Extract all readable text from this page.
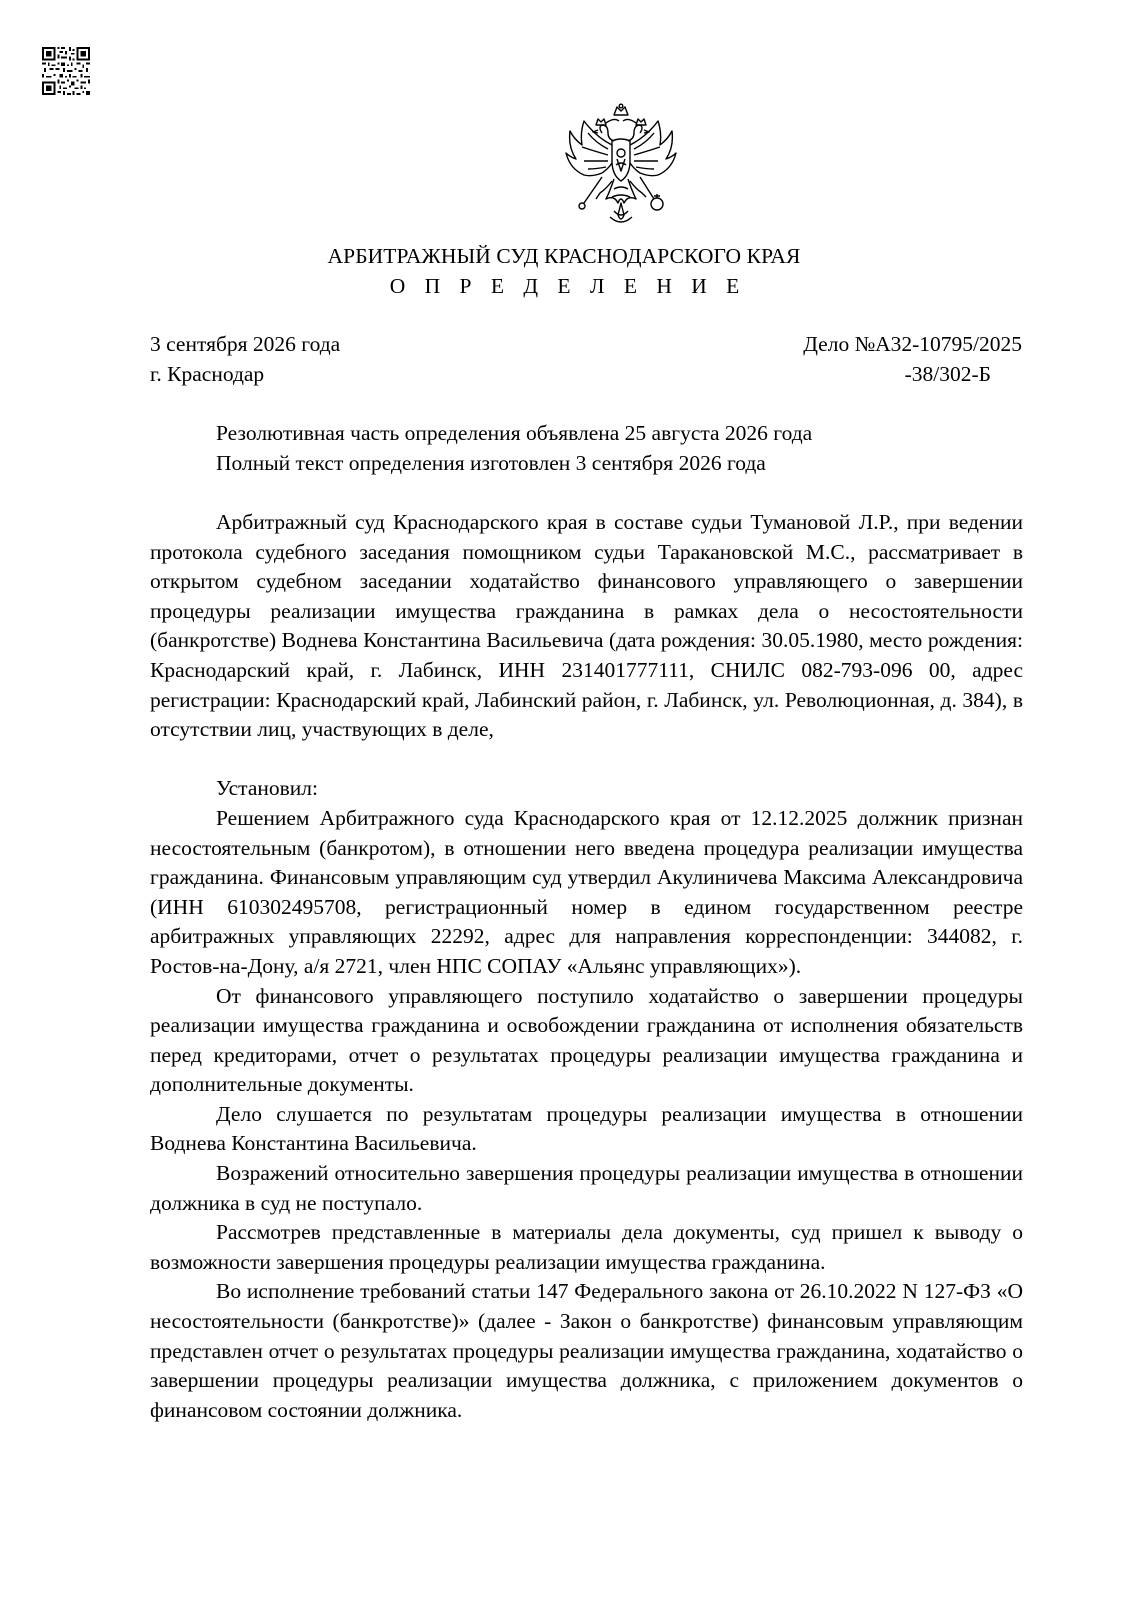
АРБИТРАЖНЫЙ СУД КРАСНОДАРСКОГО КРАЯ
О П Р Е Д Е Л Е Н И Е
3 сентября 2026 года
г. Краснодар
Дело №А32-10795/2025
-38/302-Б
Резолютивная часть определения объявлена 25 августа 2026 года
Полный текст определения изготовлен 3 сентября 2026 года

Арбитражный суд Краснодарского края в составе судьи Тумановой Л.Р., при ведении протокола судебного заседания помощником судьи Таракановской М.С., рассматривает в открытом судебном заседании ходатайство финансового управляющего о завершении процедуры реализации имущества гражданина в рамках дела о несостоятельности (банкротстве) Воднева Константина Васильевича (дата рождения: 30.05.1980, место рождения: Краснодарский край, г. Лабинск, ИНН 231401777111, СНИЛС 082-793-096 00, адрес регистрации: Краснодарский край, Лабинский район, г. Лабинск, ул. Революционная, д. 384), в отсутствии лиц, участвующих в деле,

Установил:

Решением Арбитражного суда Краснодарского края от 12.12.2025 должник признан несостоятельным (банкротом), в отношении него введена процедура реализации имущества гражданина. Финансовым управляющим суд утвердил Акулиничева Максима Александровича (ИНН 610302495708, регистрационный номер в едином государственном реестре арбитражных управляющих 22292, адрес для направления корреспонденции: 344082, г. Ростов-на-Дону, а/я 2721, член НПС СОПАУ «Альянс управляющих»).

От финансового управляющего поступило ходатайство о завершении процедуры реализации имущества гражданина и освобождении гражданина от исполнения обязательств перед кредиторами, отчет о результатах процедуры реализации имущества гражданина и дополнительные документы.

Дело слушается по результатам процедуры реализации имущества в отношении Воднева Константина Васильевича.

Возражений относительно завершения процедуры реализации имущества в отношении должника в суд не поступало.

Рассмотрев представленные в материалы дела документы, суд пришел к выводу о возможности завершения процедуры реализации имущества гражданина.

Во исполнение требований статьи 147 Федерального закона от 26.10.2022 N 127-ФЗ «О несостоятельности (банкротстве)» (далее - Закон о банкротстве) финансовым управляющим представлен отчет о результатах процедуры реализации имущества гражданина, ходатайство о завершении процедуры реализации имущества должника, с приложением документов о финансовом состоянии должника.
